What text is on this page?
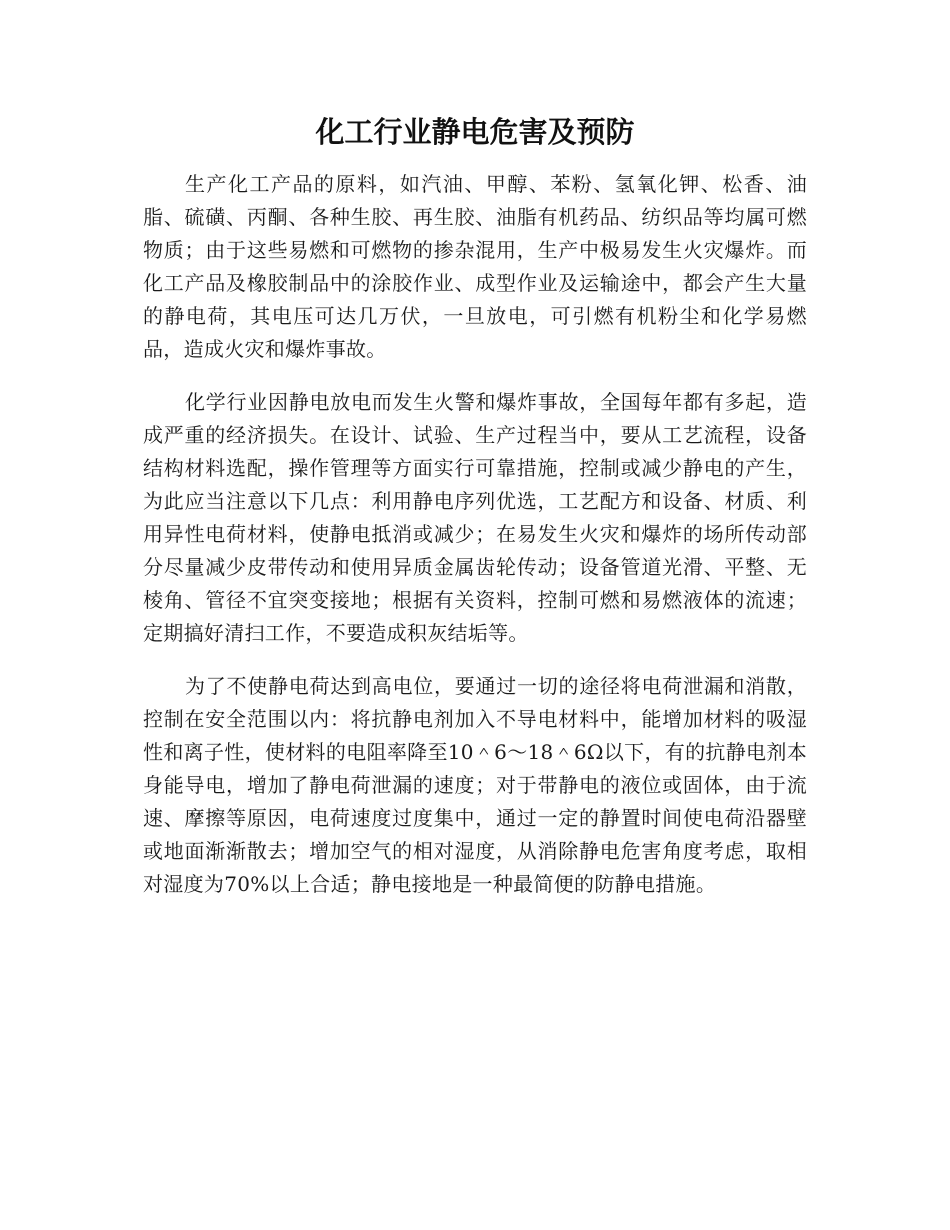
化工行业静电危害及预防

生产化工产品的原料，如汽油、甲醇、苯粉、氢氧化钾、松香、油脂、硫磺、丙酮、各种生胶、再生胶、油脂有机药品、纺织品等均属可燃物质；由于这些易燃和可燃物的掺杂混用，生产中极易发生火灾爆炸。而化工产品及橡胶制品中的涂胶作业、成型作业及运输途中，都会产生大量的静电荷，其电压可达几万伏，一旦放电，可引燃有机粉尘和化学易燃品，造成火灾和爆炸事故。

化学行业因静电放电而发生火警和爆炸事故，全国每年都有多起，造成严重的经济损失。在设计、试验、生产过程当中，要从工艺流程，设备结构材料选配，操作管理等方面实行可靠措施，控制或减少静电的产生，为此应当注意以下几点：利用静电序列优选，工艺配方和设备、材质、利用异性电荷材料，使静电抵消或减少；在易发生火灾和爆炸的场所传动部分尽量减少皮带传动和使用异质金属齿轮传动；设备管道光滑、平整、无棱角、管径不宜突变接地；根据有关资料，控制可燃和易燃液体的流速；定期搞好清扫工作，不要造成积灰结垢等。

为了不使静电荷达到高电位，要通过一切的途径将电荷泄漏和消散，控制在安全范围以内：将抗静电剂加入不导电材料中，能增加材料的吸湿性和离子性，使材料的电阻率降至10＾6～18＾6Ω以下，有的抗静电剂本身能导电，增加了静电荷泄漏的速度；对于带静电的液位或固体，由于流速、摩擦等原因，电荷速度过度集中，通过一定的静置时间使电荷沿器壁或地面渐渐散去；增加空气的相对湿度，从消除静电危害角度考虑，取相对湿度为70%以上合适；静电接地是一种最简便的防静电措施。
